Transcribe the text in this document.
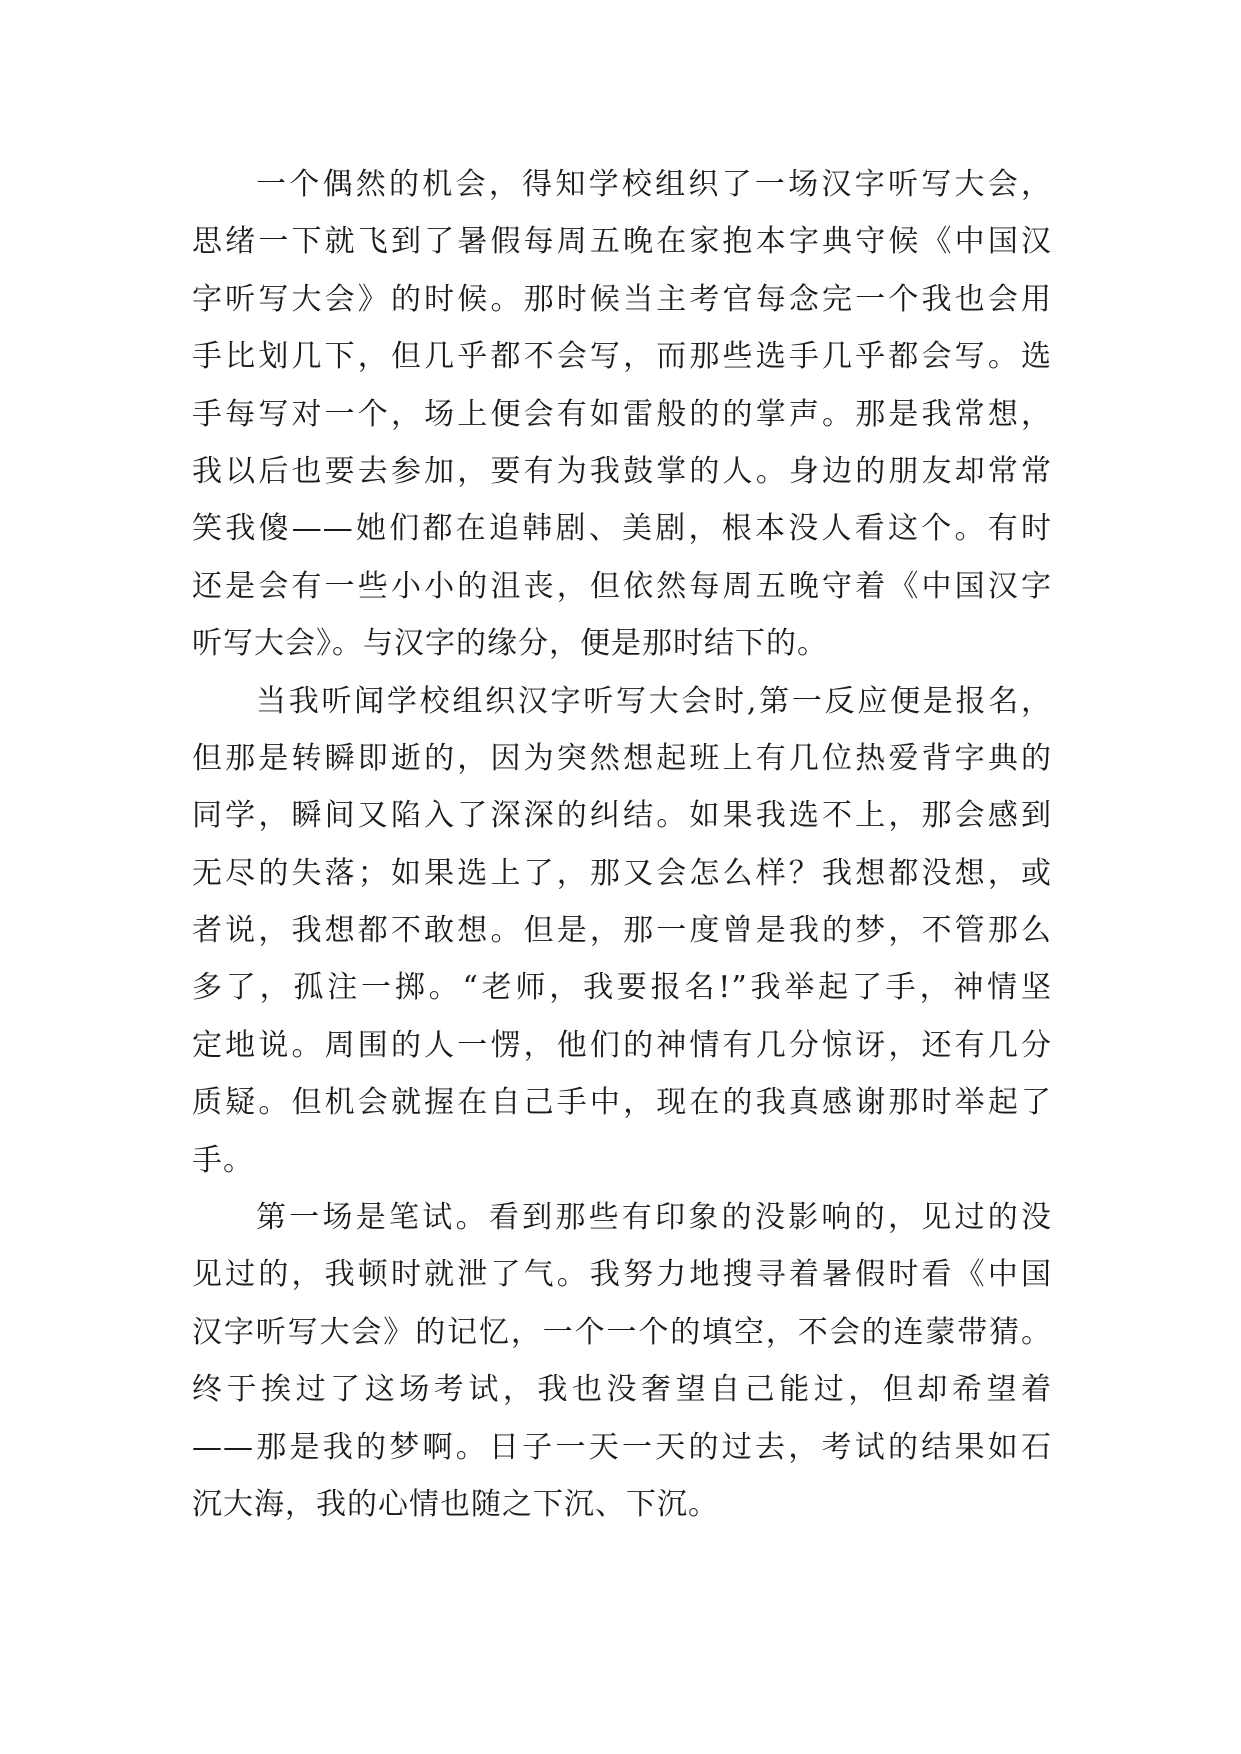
一个偶然的机会，得知学校组织了一场汉字听写大会，
思绪一下就飞到了暑假每周五晚在家抱本字典守候《中国汉
字听写大会》的时候。那时候当主考官每念完一个我也会用
手比划几下，但几乎都不会写，而那些选手几乎都会写。选
手每写对一个，场上便会有如雷般的的掌声。那是我常想，
我以后也要去参加，要有为我鼓掌的人。身边的朋友却常常
笑我傻——她们都在追韩剧、美剧，根本没人看这个。有时
还是会有一些小小的沮丧，但依然每周五晚守着《中国汉字
听写大会》。与汉字的缘分，便是那时结下的。
当我听闻学校组织汉字听写大会时,第一反应便是报名，
但那是转瞬即逝的，因为突然想起班上有几位热爱背字典的
同学，瞬间又陷入了深深的纠结。如果我选不上，那会感到
无尽的失落；如果选上了，那又会怎么样？我想都没想，或
者说，我想都不敢想。但是，那一度曾是我的梦，不管那么
多了，孤注一掷。“老师，我要报名!”我举起了手，神情坚
定地说。周围的人一愣，他们的神情有几分惊讶，还有几分
质疑。但机会就握在自己手中，现在的我真感谢那时举起了
手。
第一场是笔试。看到那些有印象的没影响的，见过的没
见过的，我顿时就泄了气。我努力地搜寻着暑假时看《中国
汉字听写大会》的记忆，一个一个的填空，不会的连蒙带猜。
终于挨过了这场考试，我也没奢望自己能过，但却希望着
——那是我的梦啊。日子一天一天的过去，考试的结果如石
沉大海，我的心情也随之下沉、下沉。
